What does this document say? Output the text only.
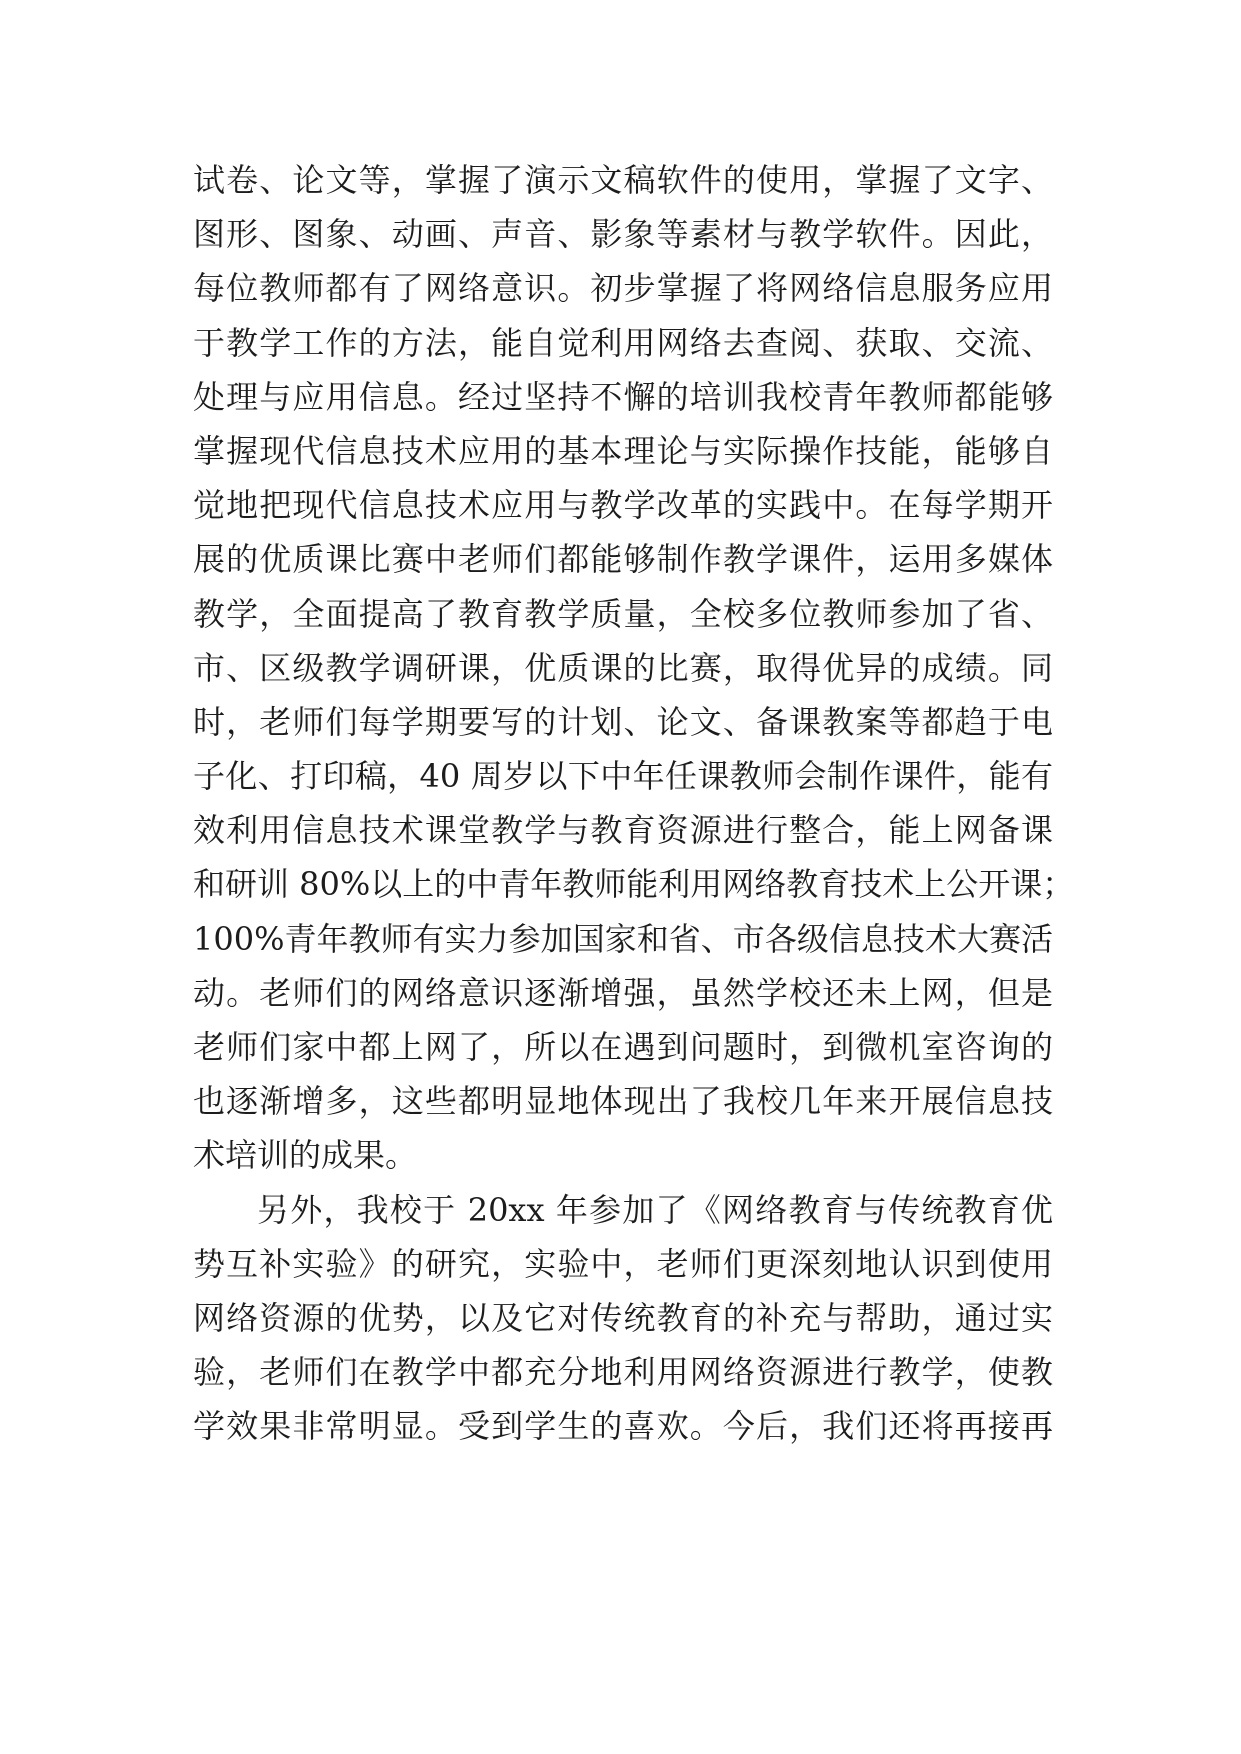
试卷、论文等，掌握了演示文稿软件的使用，掌握了文字、
图形、图象、动画、声音、影象等素材与教学软件。因此，
每位教师都有了网络意识。初步掌握了将网络信息服务应用
于教学工作的方法，能自觉利用网络去查阅、获取、交流、
处理与应用信息。经过坚持不懈的培训我校青年教师都能够
掌握现代信息技术应用的基本理论与实际操作技能，能够自
觉地把现代信息技术应用与教学改革的实践中。在每学期开
展的优质课比赛中老师们都能够制作教学课件，运用多媒体
教学，全面提高了教育教学质量，全校多位教师参加了省、
市、区级教学调研课，优质课的比赛，取得优异的成绩。同
时，老师们每学期要写的计划、论文、备课教案等都趋于电
子化、打印稿，40 周岁以下中年任课教师会制作课件，能有
效利用信息技术课堂教学与教育资源进行整合，能上网备课
和研训 80%以上的中青年教师能利用网络教育技术上公开课；
100%青年教师有实力参加国家和省、市各级信息技术大赛活
动。老师们的网络意识逐渐增强，虽然学校还未上网，但是
老师们家中都上网了，所以在遇到问题时，到微机室咨询的
也逐渐增多，这些都明显地体现出了我校几年来开展信息技
术培训的成果。
另外，我校于 20xx 年参加了《网络教育与传统教育优
势互补实验》的研究，实验中，老师们更深刻地认识到使用
网络资源的优势，以及它对传统教育的补充与帮助，通过实
验，老师们在教学中都充分地利用网络资源进行教学，使教
学效果非常明显。受到学生的喜欢。今后，我们还将再接再
